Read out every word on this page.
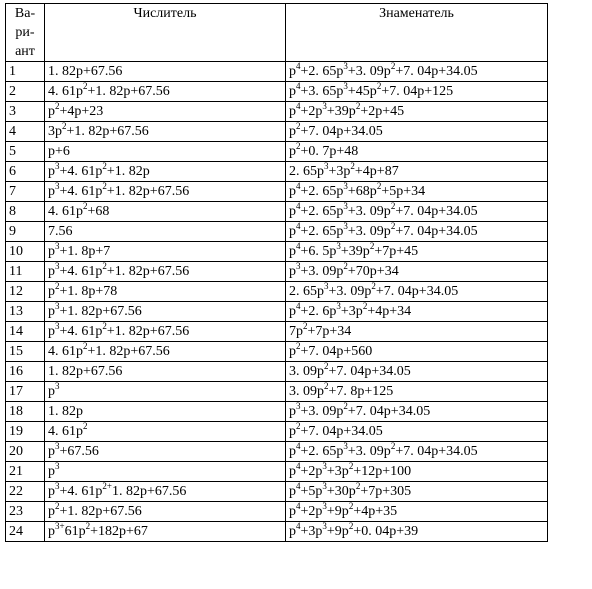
Ва-
ри-
ант	Числитель	Знаменатель
1	1. 82p+67.56	$p^4+2$. $65p^3+3$. $09p^2+7$. 04p+34.05
2	4. $61p^2+1$. 82p+67.56	$p^4+3$. $65p^3+45p^2+7$. 04p+125
3	$p^2+4p+23$	$p^4+2p^3+39p^2+2p+45$
4	$3p^2+1$. 82p+67.56	$p^2+7$. 04p+34.05
5	p+6	$p^2+0$. 7p+48
6	$p^3+4$. $61p^2+1$. 82p	2. $65p^3+3p^2+4p+87$
7	$p^3+4$. $61p^2+1$. 82p+67.56	$p^4+2$. $65p^3+68p^2+5p+34$
8	4. $61p^2+68$	$p^4+2$. $65p^3+3$. $09p^2+7$. 04p+34.05
9	7.56	$p^4+2$. $65p^3+3$. $09p^2+7$. 04p+34.05
10	$p^3+1$. 8p+7	$p^4+6$. $5p^3+39p^2+7p+45$
11	$p^3+4$. $61p^2+1$. 82p+67.56	$p^3+3$. $09p^2+70p+34$
12	$p^2+1$. 8p+78	2. $65p^3+3$. $09p^2+7$. 04p+34.05
13	$p^3+1$. 82p+67.56	$p^4+2$. $6p^3+3p^2+4p+34$
14	$p^3+4$. $61p^2+1$. 82p+67.56	$7p^2+7p+34$
15	4. $61p^2+1$. 82p+67.56	$p^2+7$. 04p+560
16	1. 82p+67.56	3. $09p^2+7$. 04p+34.05
17	$p^3$	3. $09p^2+7$. 8p+125
18	1. 82p	$p^3+3$. $09p^2+7$. 04p+34.05
19	4. $61p^2$	$p^2+7$. 04p+34.05
20	$p^3+67.56$	$p^4+2$. $65p^3+3$. $09p^2+7$. 04p+34.05
21	$p^3$	$p^4+2p^3+3p^2+12p+100$
22	$p^3+4$. $61p^{2+}1$. 82p+67.56	$p^4+5p^3+30p^2+7p+305$
23	$p^2+1$. 82p+67.56	$p^4+2p^3+9p^2+4p+35$
24	$p^{3+}61p^2+182p+67$	$p^4+3p^3+9p^2+0$. 04p+39
